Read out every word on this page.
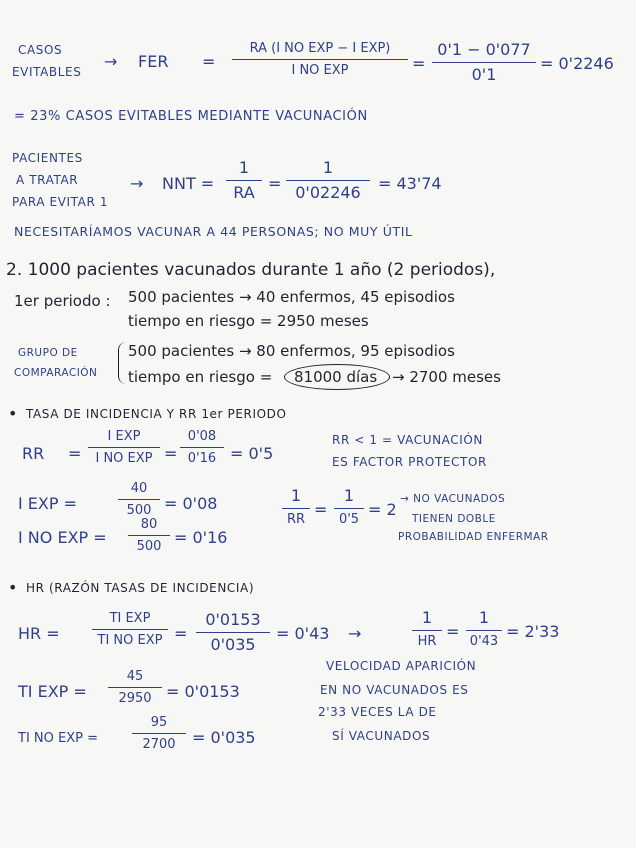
CASOS
EVITABLES
→ FER =
RA (I NO EXP − I EXP)
I NO EXP	=
0'1 − 0'077
0'1
= 0'2246
= 23% CASOS EVITABLES MEDIANTE VACUNACIÓN
PACIENTES
A TRATAR
PARA EVITAR 1
→ NNT =
1
RA =
1
0'02246	= 43'74
NECESITARÍAMOS VACUNAR A 44 PERSONAS; NO MUY ÚTIL
2. 1000 pacientes vacunados durante 1 año (2 periodos),
1er periodo : 500 pacientes → 40 enfermos, 45 episodios
tiempo en riesgo = 2950 meses
GRUPO DE
COMPARACIÓN
500 pacientes → 80 enfermos, 95 episodios
tiempo en riesgo = 81000 días → 2700 meses
• TASA DE INCIDENCIA Y RR 1er PERIODO
RR =
I EXP
I NO EXP =
0'08
0'16 = 0'5
RR < 1 = VACUNACIÓN
ES FACTOR PROTECTOR
I EXP =
40
500 = 0'08
I NO EXP =
80
500 = 0'16
1
RR
=
1
0'5
= 2
→ NO VACUNADOS
TIENEN DOBLE
PROBABILIDAD ENFERMAR
• HR (RAZÓN TASAS DE INCIDENCIA)
HR =
TI EXP
TI NO EXP =
0'0153
0'035
= 0'43 →
1
HR
=
1
0'43
= 2'33
TI EXP =
45
2950 = 0'0153
TI NO EXP =
95
2700	= 0'035
VELOCIDAD APARICIÓN
EN NO VACUNADOS ES
2'33 VECES LA DE
SÍ VACUNADOS
